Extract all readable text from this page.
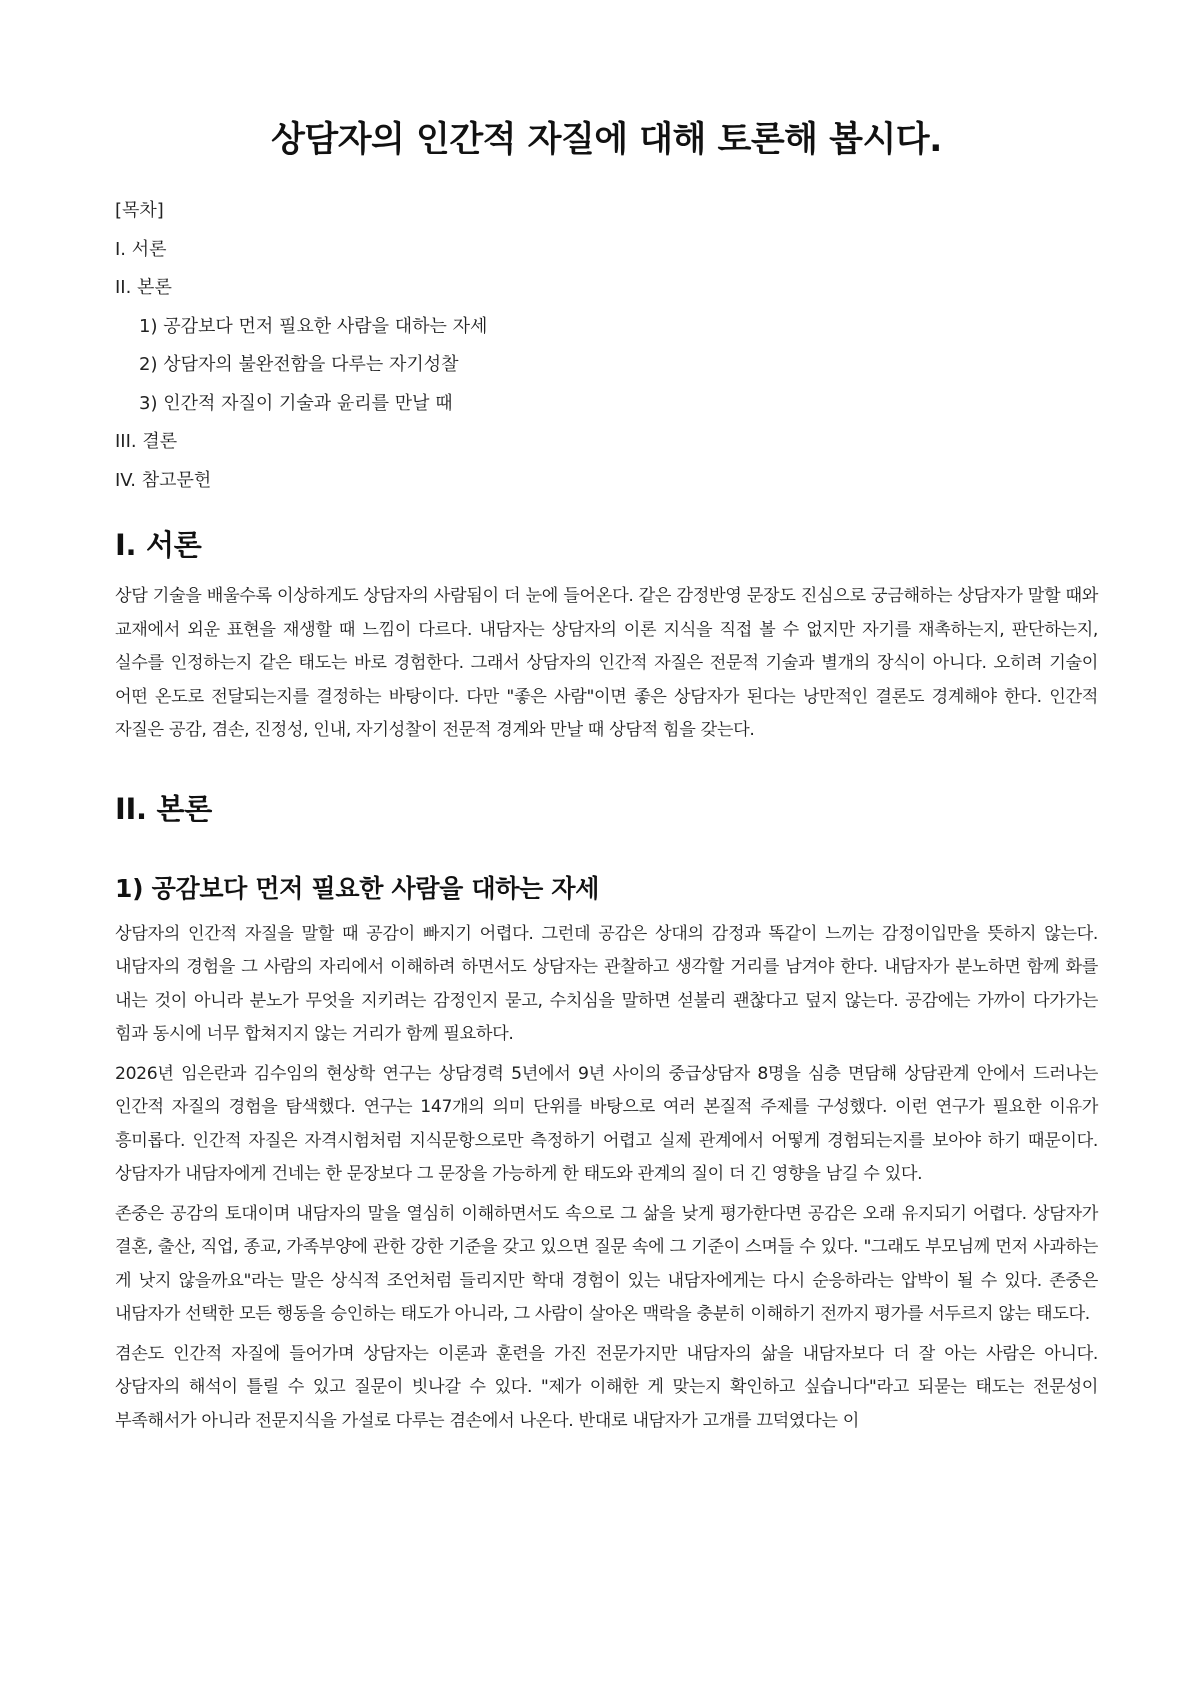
상담자의 인간적 자질에 대해 토론해 봅시다.
[목차]
I. 서론
II. 본론
1) 공감보다 먼저 필요한 사람을 대하는 자세
2) 상담자의 불완전함을 다루는 자기성찰
3) 인간적 자질이 기술과 윤리를 만날 때
III. 결론
IV. 참고문헌
I. 서론

상담 기술을 배울수록 이상하게도 상담자의 사람됨이 더 눈에 들어온다. 같은 감정반영 문장도 진심으로 궁금해하는 상담자가 말할 때와 교재에서 외운 표현을 재생할 때 느낌이 다르다. 내담자는 상담자의 이론 지식을 직접 볼 수 없지만 자기를 재촉하는지, 판단하는지, 실수를 인정하는지 같은 태도는 바로 경험한다. 그래서 상담자의 인간적 자질은 전문적 기술과 별개의 장식이 아니다. 오히려 기술이 어떤 온도로 전달되는지를 결정하는 바탕이다. 다만 "좋은 사람"이면 좋은 상담자가 된다는 낭만적인 결론도 경계해야 한다. 인간적 자질은 공감, 겸손, 진정성, 인내, 자기성찰이 전문적 경계와 만날 때 상담적 힘을 갖는다.

II. 본론
1) 공감보다 먼저 필요한 사람을 대하는 자세

상담자의 인간적 자질을 말할 때 공감이 빠지기 어렵다. 그런데 공감은 상대의 감정과 똑같이 느끼는 감정이입만을 뜻하지 않는다. 내담자의 경험을 그 사람의 자리에서 이해하려 하면서도 상담자는 관찰하고 생각할 거리를 남겨야 한다. 내담자가 분노하면 함께 화를 내는 것이 아니라 분노가 무엇을 지키려는 감정인지 묻고, 수치심을 말하면 섣불리 괜찮다고 덮지 않는다. 공감에는 가까이 다가가는 힘과 동시에 너무 합쳐지지 않는 거리가 함께 필요하다.

2026년 임은란과 김수임의 현상학 연구는 상담경력 5년에서 9년 사이의 중급상담자 8명을 심층 면담해 상담관계 안에서 드러나는 인간적 자질의 경험을 탐색했다. 연구는 147개의 의미 단위를 바탕으로 여러 본질적 주제를 구성했다. 이런 연구가 필요한 이유가 흥미롭다. 인간적 자질은 자격시험처럼 지식문항으로만 측정하기 어렵고 실제 관계에서 어떻게 경험되는지를 보아야 하기 때문이다. 상담자가 내담자에게 건네는 한 문장보다 그 문장을 가능하게 한 태도와 관계의 질이 더 긴 영향을 남길 수 있다.

존중은 공감의 토대이며 내담자의 말을 열심히 이해하면서도 속으로 그 삶을 낮게 평가한다면 공감은 오래 유지되기 어렵다. 상담자가 결혼, 출산, 직업, 종교, 가족부양에 관한 강한 기준을 갖고 있으면 질문 속에 그 기준이 스며들 수 있다. "그래도 부모님께 먼저 사과하는 게 낫지 않을까요"라는 말은 상식적 조언처럼 들리지만 학대 경험이 있는 내담자에게는 다시 순응하라는 압박이 될 수 있다. 존중은 내담자가 선택한 모든 행동을 승인하는 태도가 아니라, 그 사람이 살아온 맥락을 충분히 이해하기 전까지 평가를 서두르지 않는 태도다.

겸손도 인간적 자질에 들어가며 상담자는 이론과 훈련을 가진 전문가지만 내담자의 삶을 내담자보다 더 잘 아는 사람은 아니다. 상담자의 해석이 틀릴 수 있고 질문이 빗나갈 수 있다. "제가 이해한 게 맞는지 확인하고 싶습니다"라고 되묻는 태도는 전문성이 부족해서가 아니라 전문지식을 가설로 다루는 겸손에서 나온다. 반대로 내담자가 고개를 끄덕였다는 이
